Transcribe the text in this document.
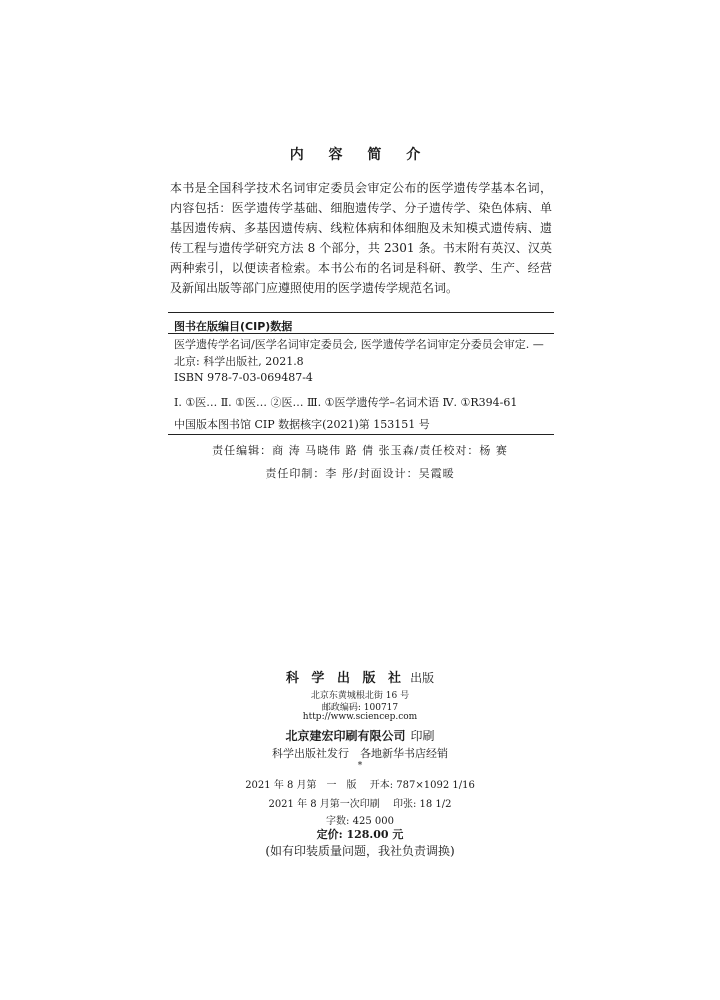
内 容 简 介
本书是全国科学技术名词审定委员会审定公布的医学遗传学基本名词，内容包括：医学遗传学基础、细胞遗传学、分子遗传学、染色体病、单基因遗传病、多基因遗传病、线粒体病和体细胞及未知模式遗传病、遗传工程与遗传学研究方法 8 个部分，共 2301 条。书末附有英汉、汉英两种索引，以便读者检索。本书公布的名词是科研、教学、生产、经营及新闻出版等部门应遵照使用的医学遗传学规范名词。
图书在版编目(CIP)数据
医学遗传学名词/医学名词审定委员会, 医学遗传学名词审定分委员会审定. —北京: 科学出版社, 2021.8
ISBN 978-7-03-069487-4
Ⅰ. ①医… Ⅱ. ①医… ②医… Ⅲ. ①医学遗传学–名词术语 Ⅳ. ①R394-61
中国版本图书馆 CIP 数据核字(2021)第 153151 号
责任编辑：商 涛 马晓伟 路 倩 张玉森/责任校对：杨 赛
责任印制：李 彤/封面设计：吴霞暖
科 学 出 版 社 出版
北京东黄城根北街 16 号
邮政编码: 100717
http://www.sciencep.com
北京建宏印刷有限公司 印刷
科学出版社发行　各地新华书店经销
*
2021 年 8 月第　一　版　 开本: 787×1092 1/16
2021 年 8 月第一次印刷　 印张: 18 1/2
字数: 425 000
定价: 128.00 元
(如有印装质量问题，我社负责调换)
